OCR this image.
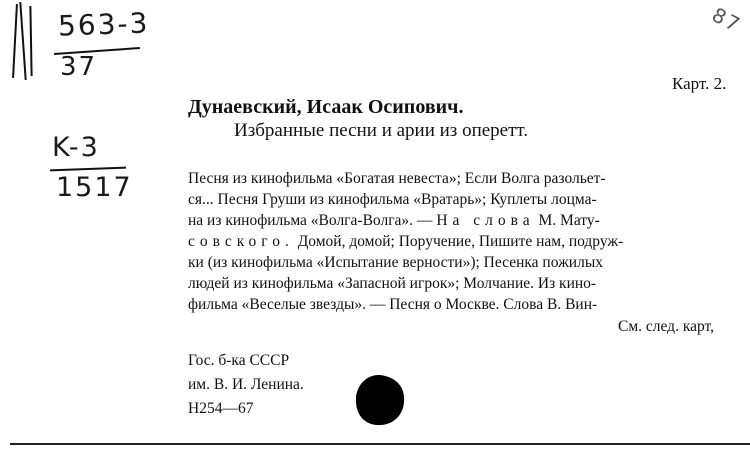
563-3
37
K-3
1517
87
Карт. 2.
Дунаевский, Исаак Осипович.
Избранные песни и арии из оперетт.
Песня из кинофильма «Богатая невеста»; Если Волга разольет-
ся... Песня Груши из кинофильма «Вратарь»; Куплеты лоцма-
на из кинофильма «Волга-Волга». — На слова М. Мату-
совского. Домой, домой; Поручение, Пишите нам, подруж-
ки (из кинофильма «Испытание верности»); Песенка пожилых
людей из кинофильма «Запасной игрок»; Молчание. Из кино-
фильма «Веселые звезды». — Песня о Москве. Слова В. Вин-
См. след. карт,
Гос. б-ка СССР
им. В. И. Ленина.
Н254—67
